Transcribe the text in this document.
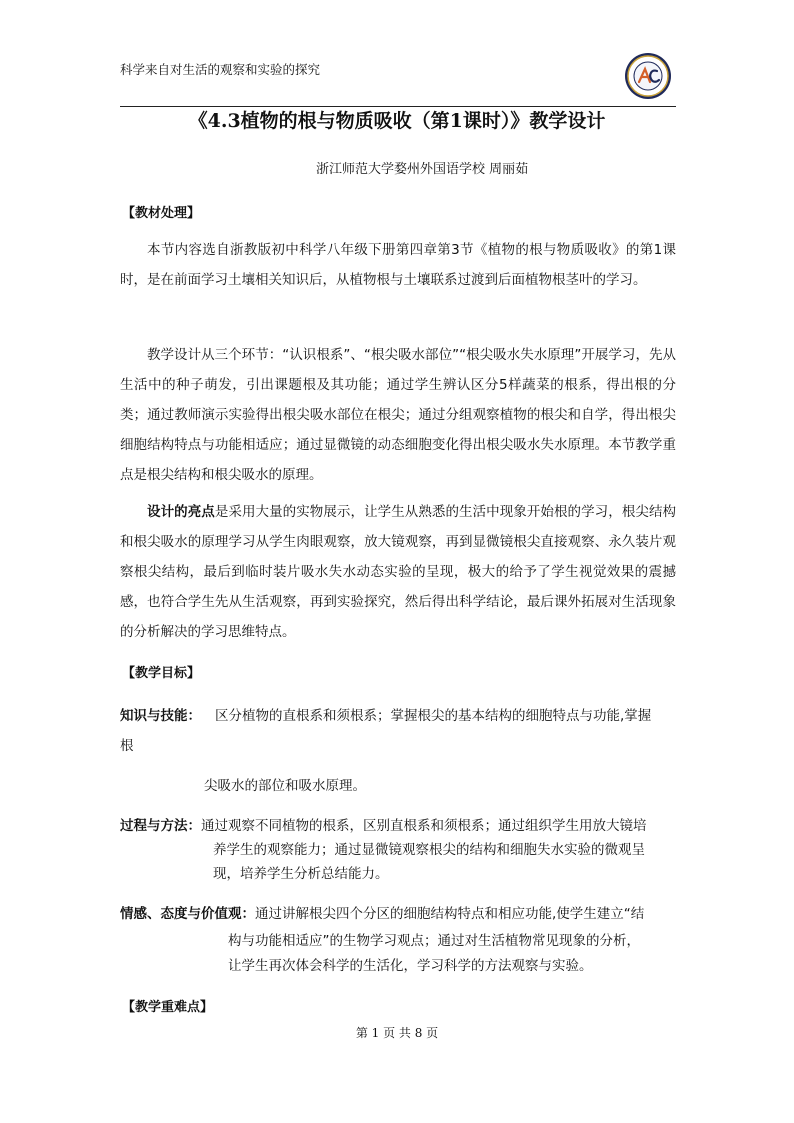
科学来自对生活的观察和实验的探究
《4.3植物的根与物质吸收（第1课时）》教学设计
浙江师范大学婺州外国语学校 周丽茹
【教材处理】
本节内容选自浙教版初中科学八年级下册第四章第3节《植物的根与物质吸收》的第1课时，是在前面学习土壤相关知识后，从植物根与土壤联系过渡到后面植物根茎叶的学习。
教学设计从三个环节：“认识根系”、“根尖吸水部位”“根尖吸水失水原理”开展学习，先从生活中的种子萌发，引出课题根及其功能；通过学生辨认区分5样蔬菜的根系，得出根的分类；通过教师演示实验得出根尖吸水部位在根尖；通过分组观察植物的根尖和自学，得出根尖细胞结构特点与功能相适应；通过显微镜的动态细胞变化得出根尖吸水失水原理。本节教学重点是根尖结构和根尖吸水的原理。
设计的亮点是采用大量的实物展示，让学生从熟悉的生活中现象开始根的学习，根尖结构和根尖吸水的原理学习从学生肉眼观察，放大镜观察，再到显微镜根尖直接观察、永久装片观察根尖结构，最后到临时装片吸水失水动态实验的呈现，极大的给予了学生视觉效果的震撼感，也符合学生先从生活观察，再到实验探究，然后得出科学结论，最后课外拓展对生活现象的分析解决的学习思维特点。
【教学目标】
知识与技能： 区分植物的直根系和须根系；掌握根尖的基本结构的细胞特点与功能,掌握
根
尖吸水的部位和吸水原理。
过程与方法：通过观察不同植物的根系，区别直根系和须根系；通过组织学生用放大镜培
养学生的观察能力；通过显微镜观察根尖的结构和细胞失水实验的微观呈
现，培养学生分析总结能力。
情感、态度与价值观：通过讲解根尖四个分区的细胞结构特点和相应功能,使学生建立“结
构与功能相适应”的生物学习观点；通过对生活植物常见现象的分析，
让学生再次体会科学的生活化，学习科学的方法观察与实验。
【教学重难点】
第 1 页 共 8 页
